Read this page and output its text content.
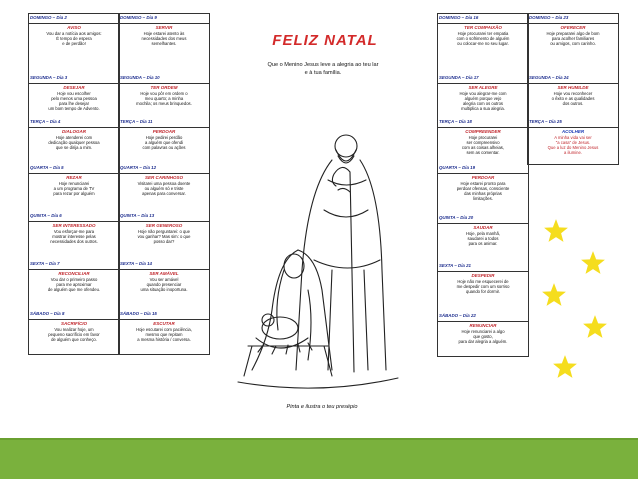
DOMINGO – Dia 2
AVISO
Vou dar a notícia aos amigos:
É tempo de espera
e de perdão!
SEGUNDA – Dia 3
DESEJAR
Hoje vou escolher
pelo menos uma pessoa
para lhe desejar
um bom tempo de Advento.
TERÇA – Dia 4
DIALOGAR
Hoje atenderei com
dedicação qualquer pessoa
que se dirija a mim.
QUARTA – Dia 5
REZAR
Hoje renunciarei
a um programa de TV
para rezar por alguém
QUINTA – Dia 6
SER INTERESSADO
Vou esforçar-me para
mostrar interesse pelas
necessidades dos outros.
SEXTA – Dia 7
RECONCILIAR
Vou dar o primeiro passo
para me aproximar
de alguém que me ofendeu.
SÁBADO – Dia 8
SACRIFÍCIO
Vou realizar hoje, um
pequeno sacrifício em favor
de alguém que conheço.
DOMINGO – Dia 9
SERVIR
Hoje estarei atento às
necessidades dos meus
semelhantes.
SEGUNDA – Dia 10
TER ORDEM
Hoje vou pôr em ordem o
meu quarto; a minha
mochila; os meus brinquedos.
TERÇA – Dia 11
PERDOAR
Hoje pedirei perdão
a alguém que ofendi
com palavras ou ações
QUARTA – Dia 12
SER CARINHOSO
Visitarei uma pessoa doente
ou alguém só e triste
apenas para conversar.
QUINTA – Dia 13
SER GENEROSO
Hoje não perguntarei: o que
vou ganhar? Mas sim: o que
posso dar?
SEXTA – Dia 14
SER AMÁVEL
Vou ser amável
quando presenciar
uma situação inoportuna.
SÁBADO – Dia 15
ESCUTAR
Hoje escutarei com paciência,
mesmo que repitam
a mesma história / conversa.
DOMINGO – Dia 16
TER COMPAIXÃO
Hoje procurarei ter empatia
com o sofrimento de alguém
ou colocar-me no seu lugar.
SEGUNDA – Dia 17
SER ALEGRE
Hoje vou alegrar-me com
alguém porque vejo
alegria com os outros
multiplica a sua alegria.
TERÇA – Dia 18
COMPREENDER
Hoje procurarei
ser compreensivo
com as coisas alheias,
sem as comentar.
QUARTA – Dia 19
PERDOAR
Hoje estarei pronto para
perdoar ofensas, consciente
das minhas próprias
limitações.
QUINTA – Dia 20
SAUDAR
Hoje, pela manhã,
saudarei a todos
para os animar.
SEXTA – Dia 21
DESPEDIR
Hoje não me esquecerei de
me despedir com um sorriso
quando for dormir.
SÁBADO – Dia 22
RENUNCIAR
Hoje renunciarei a algo
que gosto,
para dar alegria a alguém.
DOMINGO – Dia 23
OFERECER
Hoje prepararei algo de bom
para acolher familiares
ou amigos, com carinho.
SEGUNDA – Dia 24
SER HUMILDE
Hoje vou reconhecer
o êxito e as qualidades
dos outros.
TERÇA – Dia 25
ACOLHER
A minha vida vai ser
"a casa" de Jesus.
Que a luz do Menino Jesus
a ilumine.
FELIZ NATAL
Que o Menino Jesus leve a alegria ao teu lar
e à tua família.
Pinta e ilustra o teu presépio
